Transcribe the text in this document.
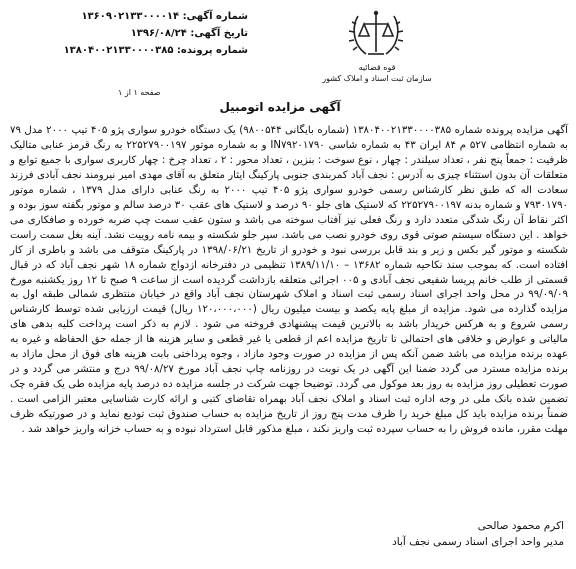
شماره آگهی: ۱۳۶۰۹۰۲۱۳۳۰۰۰۰۱۴
تاریخ آگهی: ۱۳۹۶/۰۸/۲۴
شماره پرونده: ۱۳۸۰۴۰۰۲۱۳۳۰۰۰۰۳۸۵
قوه قضائیه
سازمان ثبت اسناد و املاک کشور
صفحه ۱ از ۱
آگهی مزایده اتومبیل
آگهی مزایده پرونده شماره ۱۳۸۰۴۰۰۲۱۳۳۰۰۰۰۳۸۵ (شماره بایگانی ۹۸۰۰۵۴۴) یک دستگاه خودرو سواری پژو ۴۰۵ تیپ ۲۰۰۰ مدل ۷۹ به شماره انتظامی ۵۲۷ م ۸۴ ایران ۴۳ به شماره شاسی IN۷۹۲۰۱۷۹۰ و به شماره موتور ۲۲۵۲۷۹۰۰۱۹۷ به رنگ قرمز عنابی متالیک ظرفیت : جمعاً پنج نفر ، تعداد سیلندر : چهار ، نوع سوخت : بنزین ، تعداد محور : ۲ ، تعداد چرخ : چهار کاربری سواری با جمیع توابع و متعلقات آن بدون استثناء چیزی به آدرس : نجف آباد کمربندی جنوبی پارکینگ ایثار متعلق به آقای مهدی امیر نیرومند نجف آبادی فرزند سعادت اله که طبق نظر کارشناس رسمی خودرو سواری پژو ۴۰۵ تیپ ۲۰۰۰ به رنگ عنابی دارای مدل ۱۳۷۹ ، شماره موتور ۷۹۳۰۱۷۹۰ و شماره بدنه ۲۲۵۲۷۹۰۰۱۹۷ که لاستیک های جلو ۹۰ درصد و لاستیک های عقب ۳۰ درصد سالم و موتور بگفته سوز بوده و اکثر نقاط آن رنگ شدگی متعدد دارد و رنگ فعلی نیز آفتاب سوخته می باشد و ستون عقب سمت چپ ضربه خورده و صافکاری می خواهد . این دستگاه سیستم صوتی قوی روی خودرو نصب می باشد. سپر جلو شکسته و بیمه نامه روییت نشد. آینه بغل سمت راست شکسته و موتور گیر بکس و زیر و بند قابل بررسی نبود و خودرو از تاریخ ۱۳۹۸/۰۶/۲۱ در پارکینگ متوقف می باشد و باطری از کار افتاده است. که بموجب سند نکاحیه شماره ۱۳۶۸۲ – ۱۳۸۹/۱۱/۱۰ تنظیمی در دفترخانه ازدواج شماره ۱۸ شهر نجف آباد که در قبال قسمتی از طلب خانم پریسا شفیعی نجف آبادی و ۰۰۵ اجرائی متعلقه بازداشت گردیده است از ساعت ۹ صبح تا ۱۲ روز یکشنبه مورخ ۹۹/۰۹/۰۹ در محل واحد اجرای اسناد رسمی ثبت اسناد و املاک شهرستان نجف آباد واقع در خیابان منتظری شمالی طبقه اول به مزایده گذارده می شود. مزایده از مبلغ پایه یکصد و بیست میلیون ریال (۱۲۰،۰۰۰،۰۰۰ ریال) قیمت ارزیابی شده توسط کارشناس رسمی شروع و به هرکس خریدار باشد به بالاترین قیمت پیشنهادی فروخته می شود . لازم به ذکر است پرداخت کلیه بدهی های مالیاتی و عوارض و خلافی های احتمالی تا تاریخ مزایده اعم از قطعی یا غیر قطعی و سایر هزینه ها از جمله حق الحفاظه و غیره به عهده برنده مزایده می باشد ضمن آنکه پس از مزایده در صورت وجود مازاد ، وجوه پرداختی بابت هزینه های فوق از محل مازاد به برنده مزایده مسترد می گردد ضمنا این آگهی در یک نوبت در روزنامه چاپ نجف آباد مورخ ۹۹/۰۸/۲۷ درج و منتشر می گردد و در صورت تعطیلی روز مزایده به روز بعد موکول می گردد. توضیحا جهت شرکت در جلسه مزایده ده درصد پایه مزایده طی یک فقره چک تضمین شده بانک ملی در وجه اداره ثبت اسناد و املاک نجف آباد بهمراه تقاضای کتبی و ارائه کارت شناسایی معتبر الزامی است . ضمناً برنده مزایده باید کل مبلغ خرید را ظرف مدت پنج روز از تاریخ مزایده به حساب صندوق ثبت تودیع نماید و در صورتیکه ظرف مهلت مقرر، مانده فروش را به حساب سپرده ثبت واریز نکند ، مبلغ مذکور قابل استرداد نبوده و به حساب خزانه واریز خواهد شد .
اکرم محمود صالحی
مدیر واحد اجرای اسناد رسمی نجف آباد
